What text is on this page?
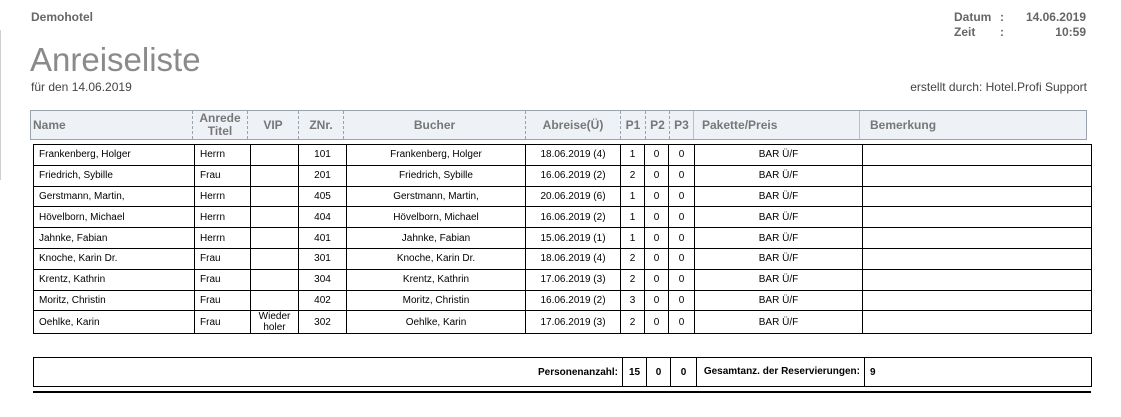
Demohotel
Anreiseliste
für den 14.06.2019	erstellt durch: Hotel.Profi Support
Datum : 14.06.2019
Zeit :	10:59
Name	Anrede Titel	VIP	ZNr.	Bucher	Abreise(Ü)	P1 P2 P3	Pakette/Preis	Bemerkung
Frankenberg, Holger	Herrn		101	Frankenberg, Holger	18.06.2019 (4)	1	0	0	BAR Ü/F	
Friedrich, Sybille	Frau		201	Friedrich, Sybille	16.06.2019 (2)	2	0	0	BAR Ü/F	
Gerstmann, Martin,	Herrn		405	Gerstmann, Martin,	20.06.2019 (6)	1	0	0	BAR Ü/F	
Hövelborn, Michael	Herrn		404	Hövelborn, Michael	16.06.2019 (2)	1	0	0	BAR Ü/F	
Jahnke, Fabian	Herrn		401	Jahnke, Fabian	15.06.2019 (1)	1	0	0	BAR Ü/F	
Knoche, Karin Dr.	Frau		301	Knoche, Karin Dr.	18.06.2019 (4)	2	0	0	BAR Ü/F	
Krentz, Kathrin	Frau		304	Krentz, Kathrin	17.06.2019 (3)	2	0	0	BAR Ü/F	
Moritz, Christin	Frau		402	Moritz, Christin	16.06.2019 (2)	3	0	0	BAR Ü/F	
Oehlke, Karin	Frau	Wieder holer	302	Oehlke, Karin	17.06.2019 (3)	2	0	0	BAR Ü/F	
Personenanzahl:	15	0	0	Gesamtanz. der Reservierungen:	9
